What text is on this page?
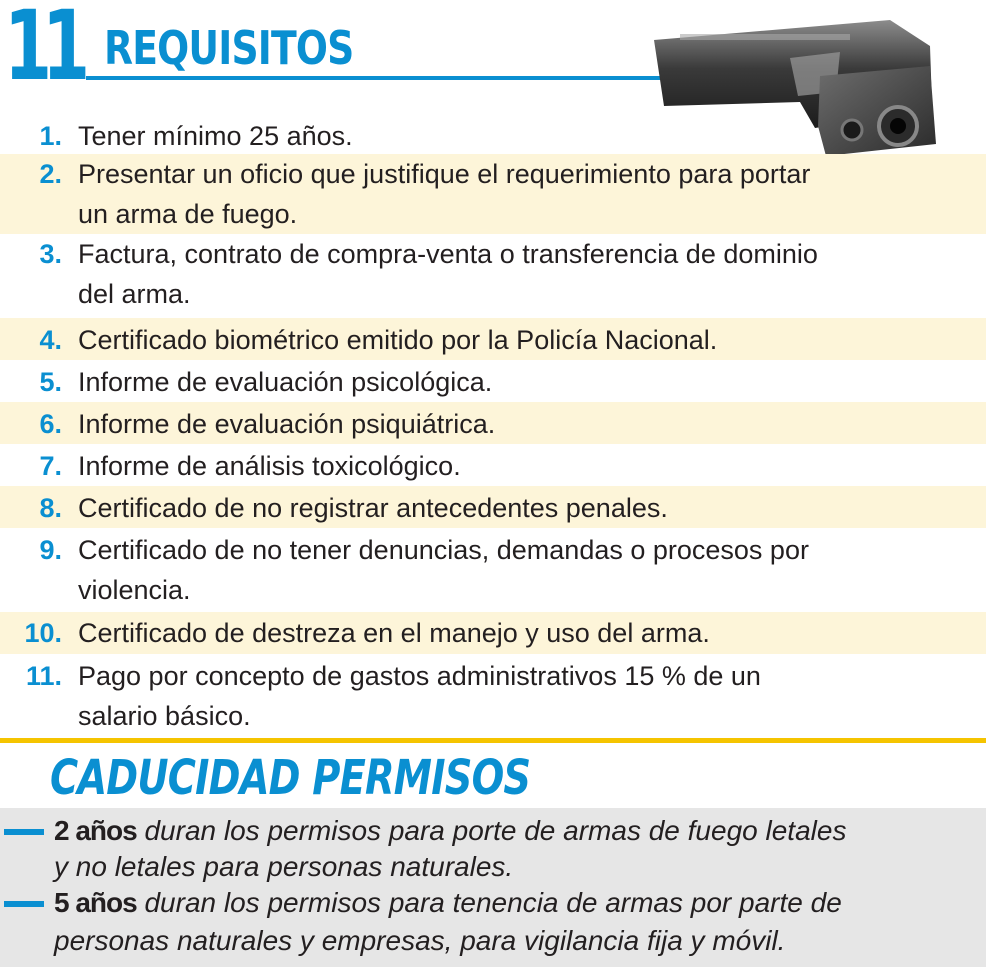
11 REQUISITOS
1. Tener mínimo 25 años.
2. Presentar un oficio que justifique el requerimiento para portar
un arma de fuego.
3. Factura, contrato de compra-venta o transferencia de dominio
del arma.
4. Certificado biométrico emitido por la Policía Nacional.
5. Informe de evaluación psicológica.
6. Informe de evaluación psiquiátrica.
7. Informe de análisis toxicológico.
8. Certificado de no registrar antecedentes penales.
9. Certificado de no tener denuncias, demandas o procesos por
violencia.
10. Certificado de destreza en el manejo y uso del arma.
11. Pago por concepto de gastos administrativos 15 % de un
salario básico.
CADUCIDAD PERMISOS
2 años duran los permisos para porte de armas de fuego letales
y no letales para personas naturales.
5 años duran los permisos para tenencia de armas por parte de
personas naturales y empresas, para vigilancia fija y móvil.
